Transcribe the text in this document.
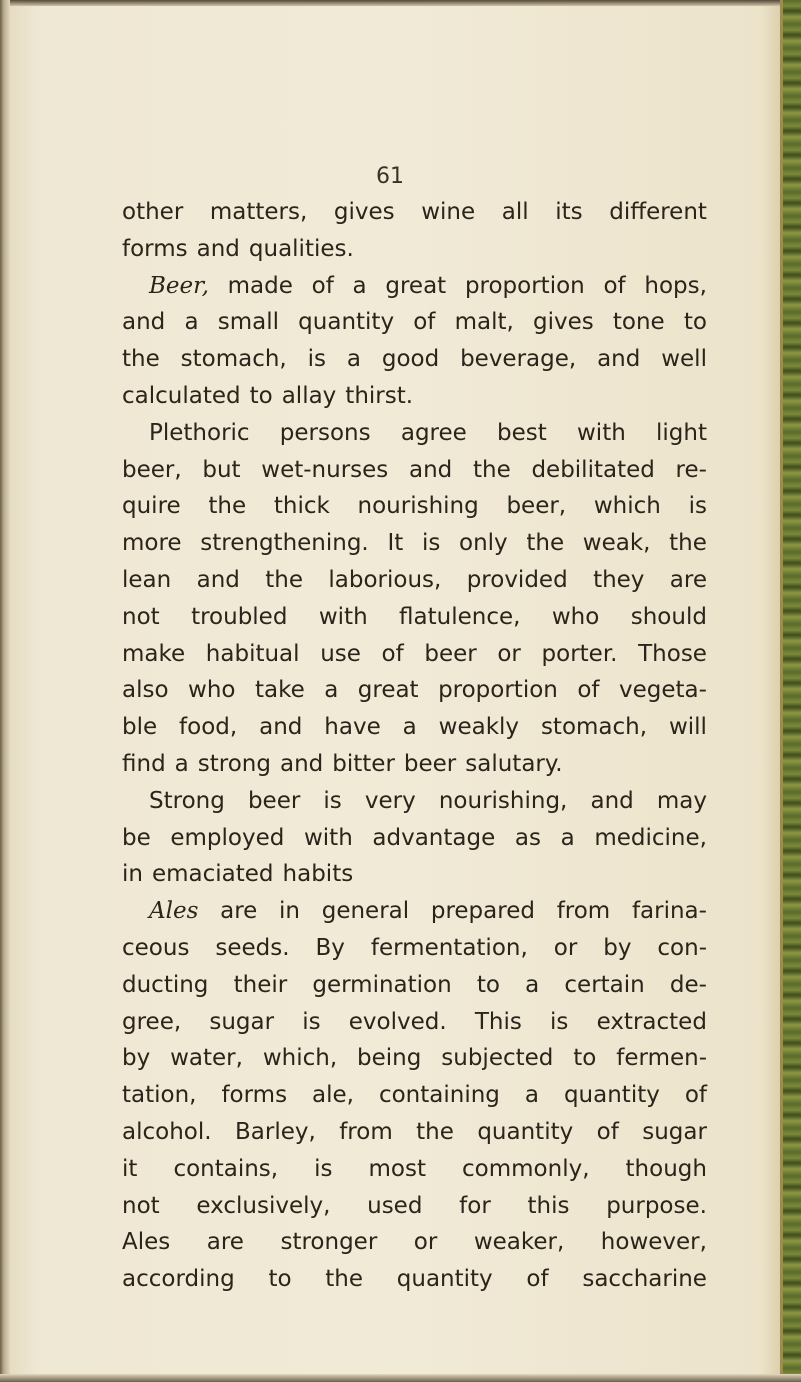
61
other matters, gives wine all its different
forms and qualities.
Beer, made of a great proportion of hops,
and a small quantity of malt, gives tone to
the stomach, is a good beverage, and well
calculated to allay thirst.
Plethoric persons agree best with light
beer, but wet-nurses and the debilitated re-
quire the thick nourishing beer, which is
more strengthening. It is only the weak, the
lean and the laborious, provided they are
not troubled with flatulence, who should
make habitual use of beer or porter. Those
also who take a great proportion of vegeta-
ble food, and have a weakly stomach, will
find a strong and bitter beer salutary.
Strong beer is very nourishing, and may
be employed with advantage as a medicine,
in emaciated habits
Ales are in general prepared from farina-
ceous seeds. By fermentation, or by con-
ducting their germination to a certain de-
gree, sugar is evolved. This is extracted
by water, which, being subjected to fermen-
tation, forms ale, containing a quantity of
alcohol. Barley, from the quantity of sugar
it contains, is most commonly, though
not exclusively, used for this purpose.
Ales are stronger or weaker, however,
according to the quantity of saccharine
